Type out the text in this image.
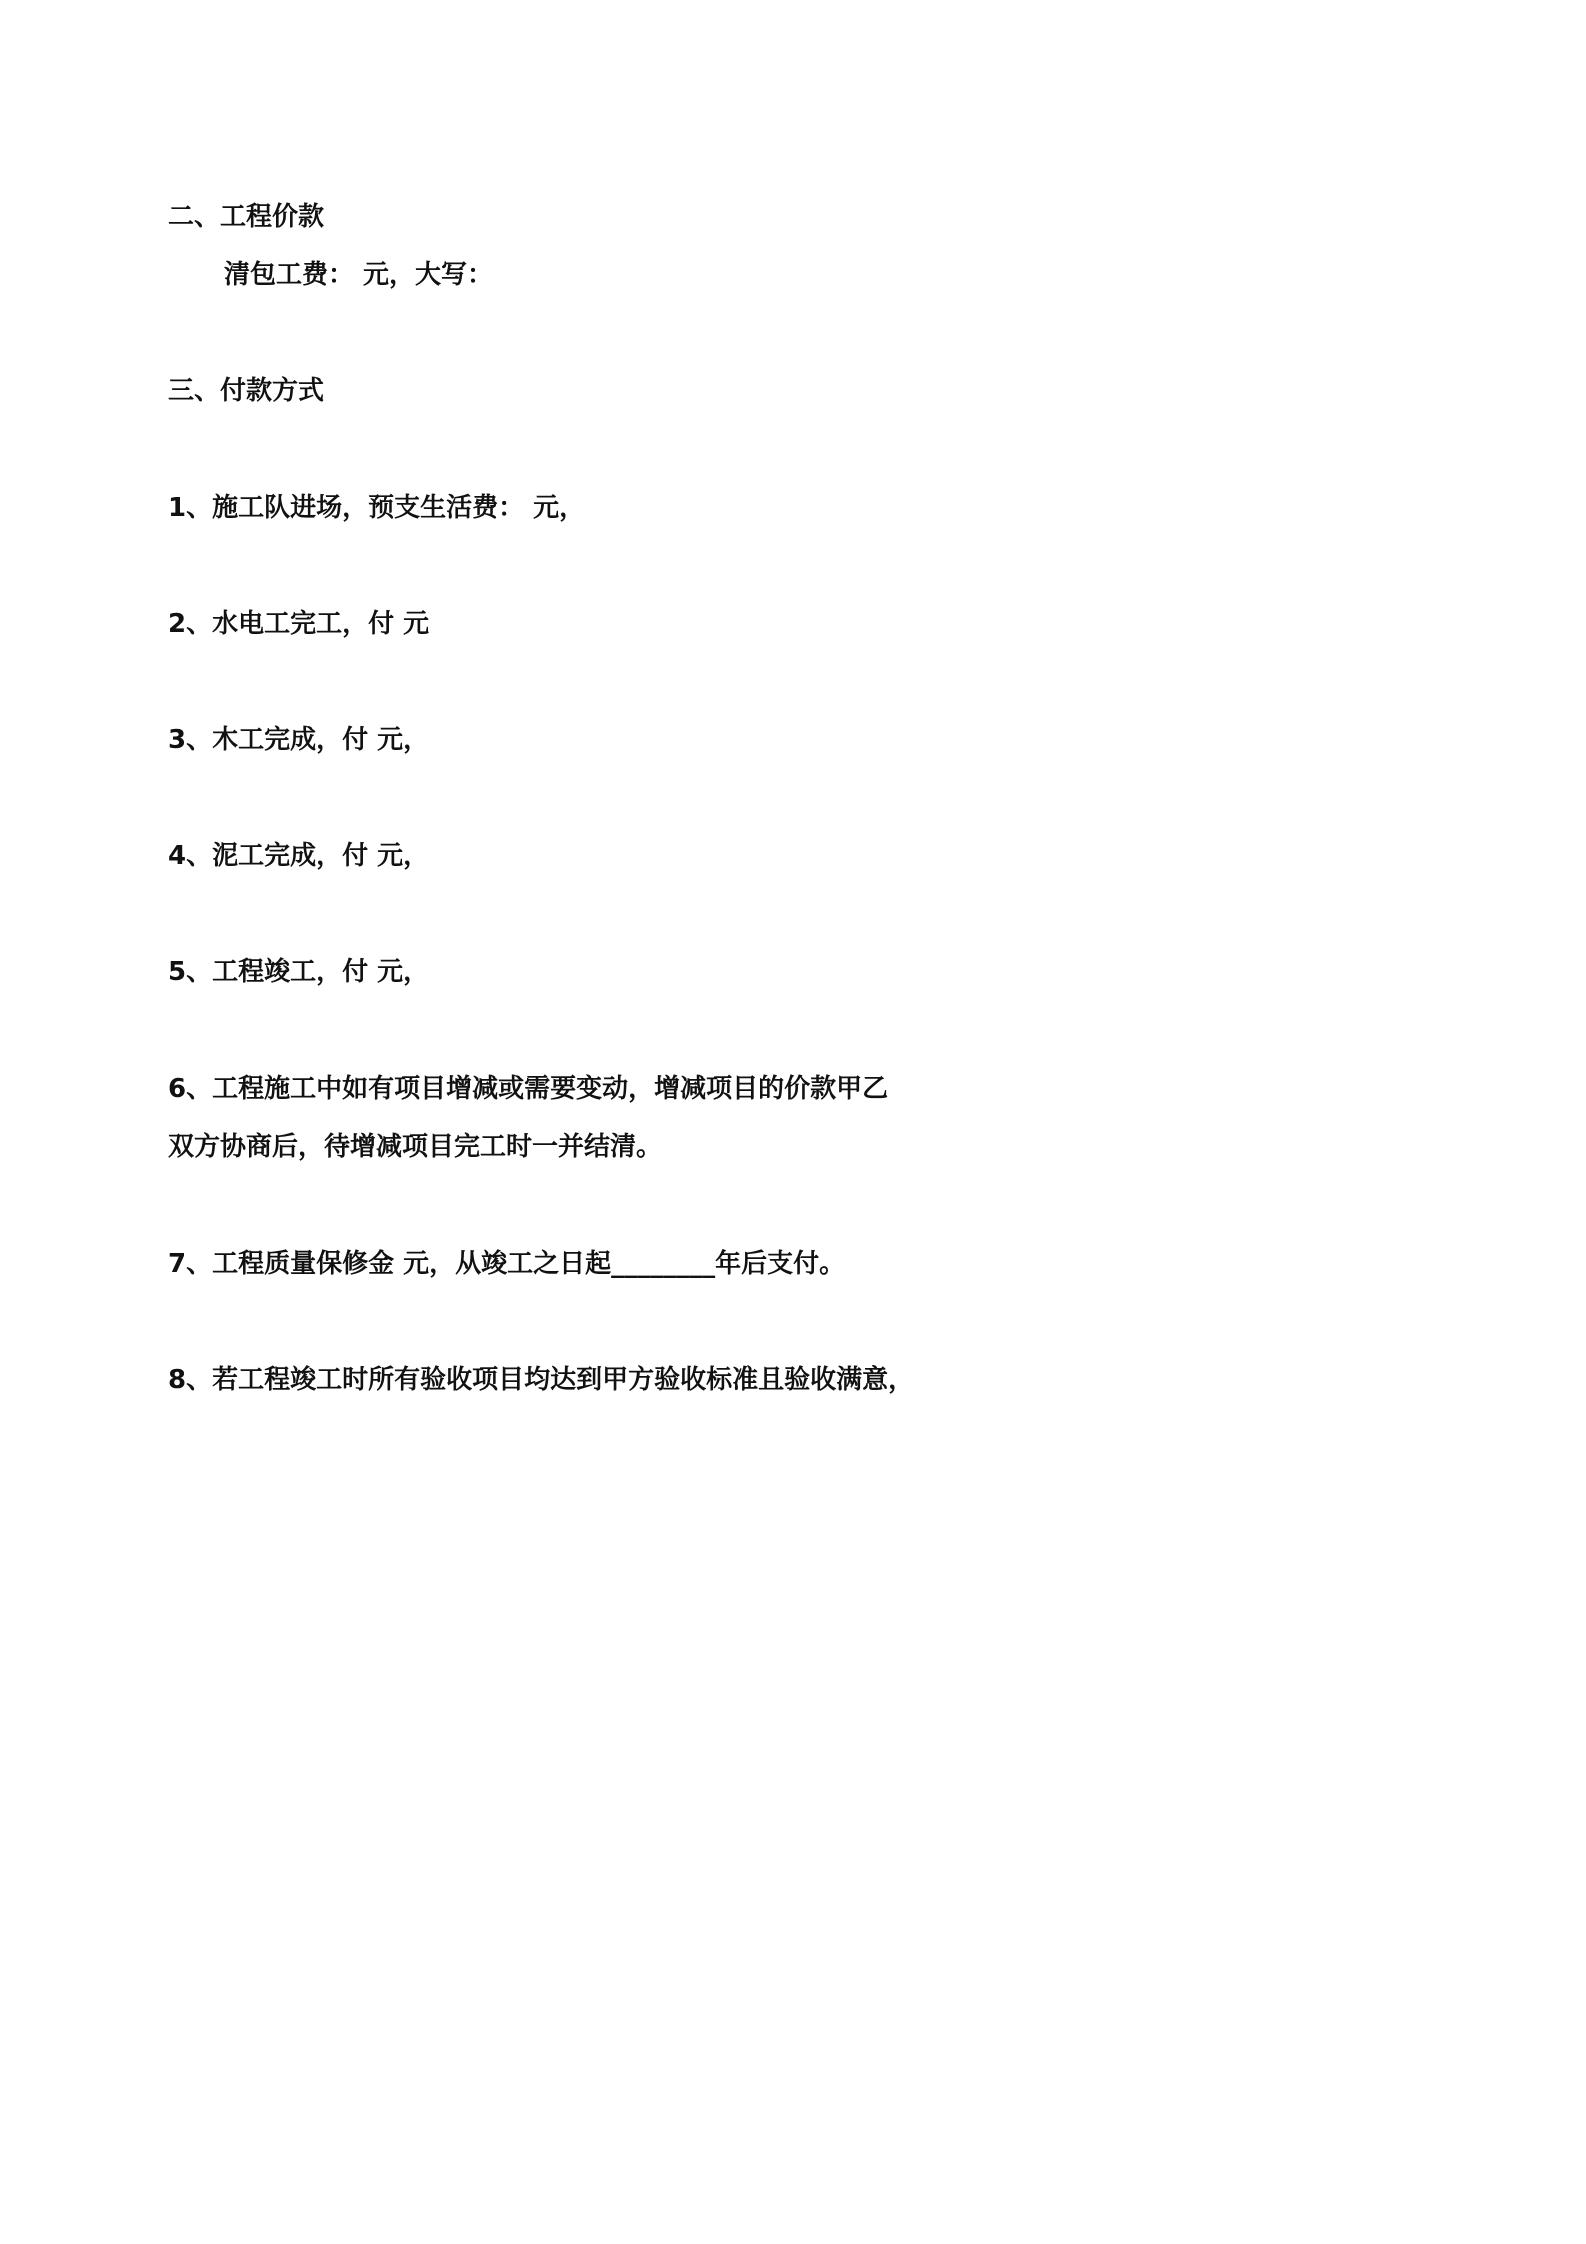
二、工程价款
清包工费： 元，大写：
三、付款方式
1、施工队进场，预支生活费： 元，
2、水电工完工，付 元
3、木工完成，付 元，
4、泥工完成，付 元，
5、工程竣工，付 元，
6、工程施工中如有项目增减或需要变动，增减项目的价款甲乙
双方协商后，待增减项目完工时一并结清。
7、工程质量保修金 元，从竣工之日起________年后支付。
8、若工程竣工时所有验收项目均达到甲方验收标准且验收满意，
